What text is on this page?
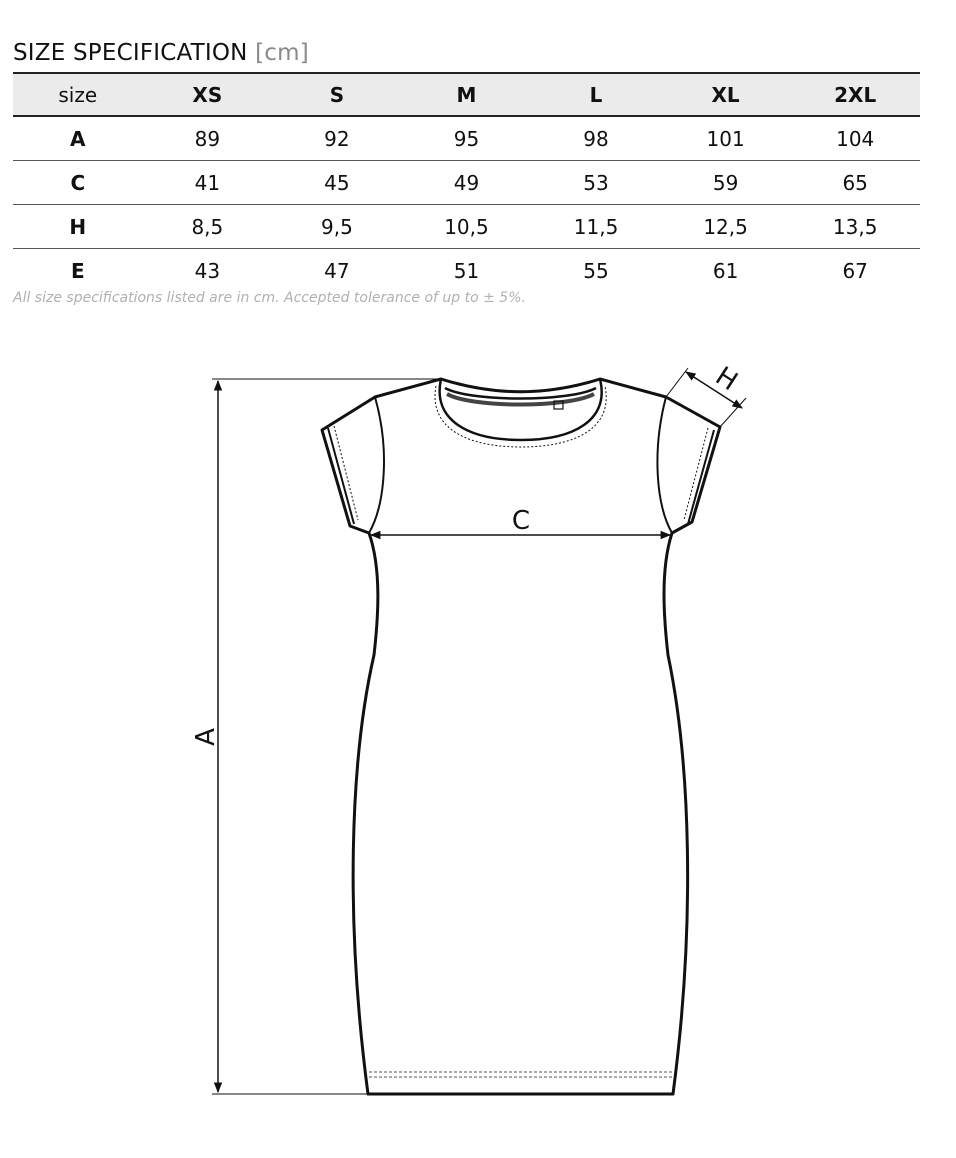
SIZE SPECIFICATION [cm]
size	XS	S	M	L	XL	2XL
A	89	92	95	98	101	104
C	41	45	49	53	59	65
H	8,5	9,5	10,5	11,5	12,5	13,5
E	43	47	51	55	61	67
All size specifications listed are in cm. Accepted tolerance of up to ± 5%.
A
C
H
